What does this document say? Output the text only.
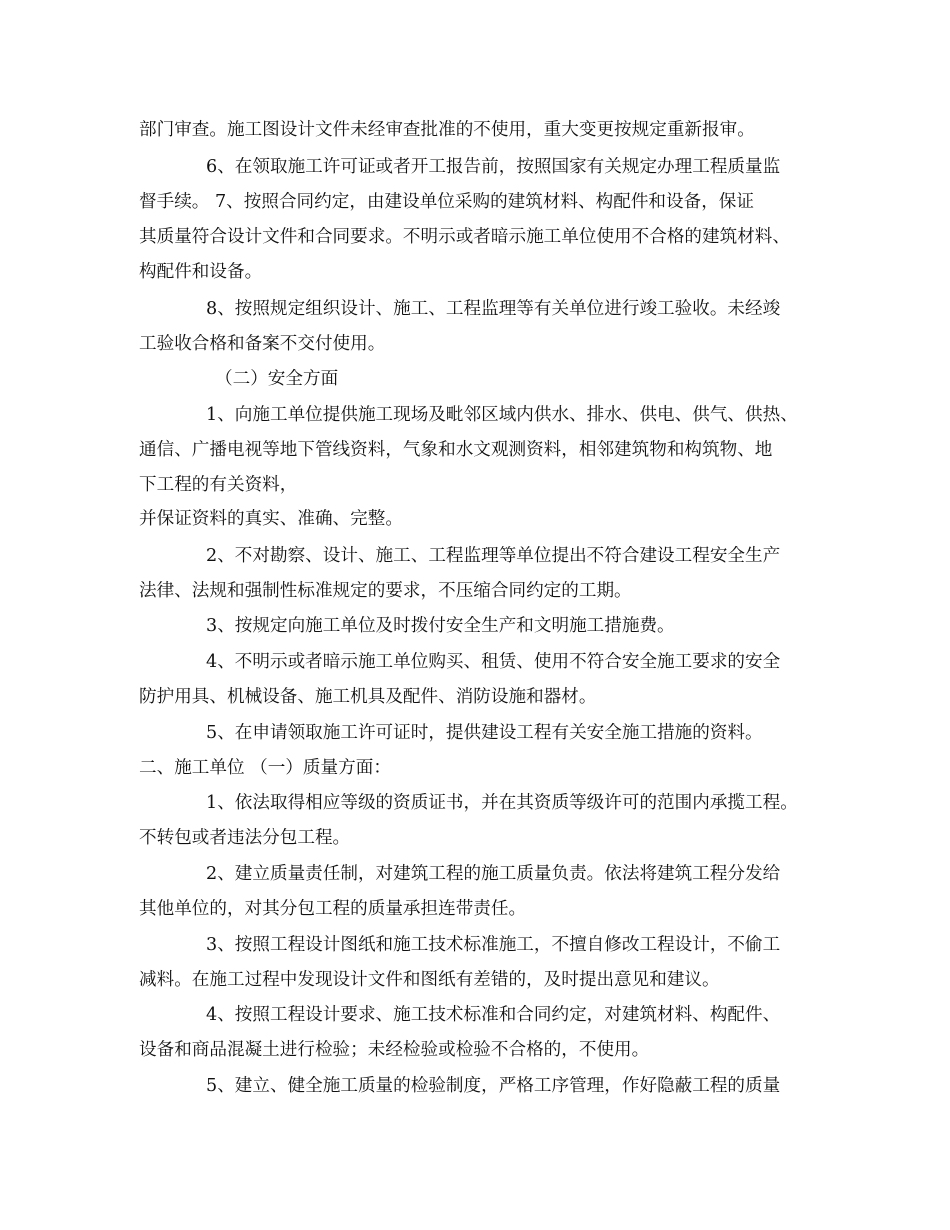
部门审查。施工图设计文件未经审查批准的不使用，重大变更按规定重新报审。
6、在领取施工许可证或者开工报告前，按照国家有关规定办理工程质量监
督手续。 7、按照合同约定，由建设单位采购的建筑材料、构配件和设备，保证
其质量符合设计文件和合同要求。不明示或者暗示施工单位使用不合格的建筑材料、
构配件和设备。
8、按照规定组织设计、施工、工程监理等有关单位进行竣工验收。未经竣
工验收合格和备案不交付使用。
（二）安全方面
1、向施工单位提供施工现场及毗邻区域内供水、排水、供电、供气、供热、
通信、广播电视等地下管线资料，气象和水文观测资料，相邻建筑物和构筑物、地
下工程的有关资料，
并保证资料的真实、准确、完整。
2、不对勘察、设计、施工、工程监理等单位提出不符合建设工程安全生产
法律、法规和强制性标准规定的要求，不压缩合同约定的工期。
3、按规定向施工单位及时拨付安全生产和文明施工措施费。
4、不明示或者暗示施工单位购买、租赁、使用不符合安全施工要求的安全
防护用具、机械设备、施工机具及配件、消防设施和器材。
5、在申请领取施工许可证时，提供建设工程有关安全施工措施的资料。
二、施工单位 （一）质量方面：
1、依法取得相应等级的资质证书，并在其资质等级许可的范围内承揽工程。
不转包或者违法分包工程。
2、建立质量责任制，对建筑工程的施工质量负责。依法将建筑工程分发给
其他单位的，对其分包工程的质量承担连带责任。
3、按照工程设计图纸和施工技术标准施工，不擅自修改工程设计，不偷工
减料。在施工过程中发现设计文件和图纸有差错的，及时提出意见和建议。
4、按照工程设计要求、施工技术标准和合同约定，对建筑材料、构配件、
设备和商品混凝土进行检验；未经检验或检验不合格的，不使用。
5、建立、健全施工质量的检验制度，严格工序管理，作好隐蔽工程的质量
